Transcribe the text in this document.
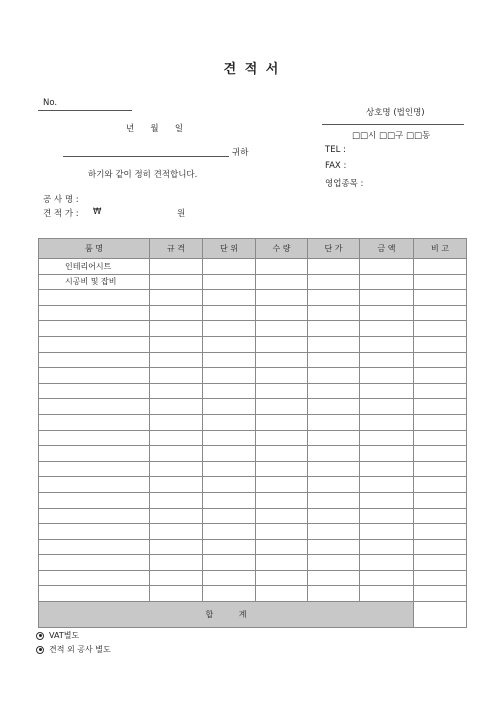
견 적 서
No.
년      월      일
귀하
하기와 같이 정히 견적합니다.
상호명 (법인명)
□□시 □□구 □□동
TEL :
FAX :
영업종목 :
공 사 명 :
견 적 가 : ₩	원
품 명	규 격	단 위	수 량	단 가	금 액	비 고
인테리어시트						
시공비 및 잡비						

합          계						
VAT별도
견적 외 공사 별도
